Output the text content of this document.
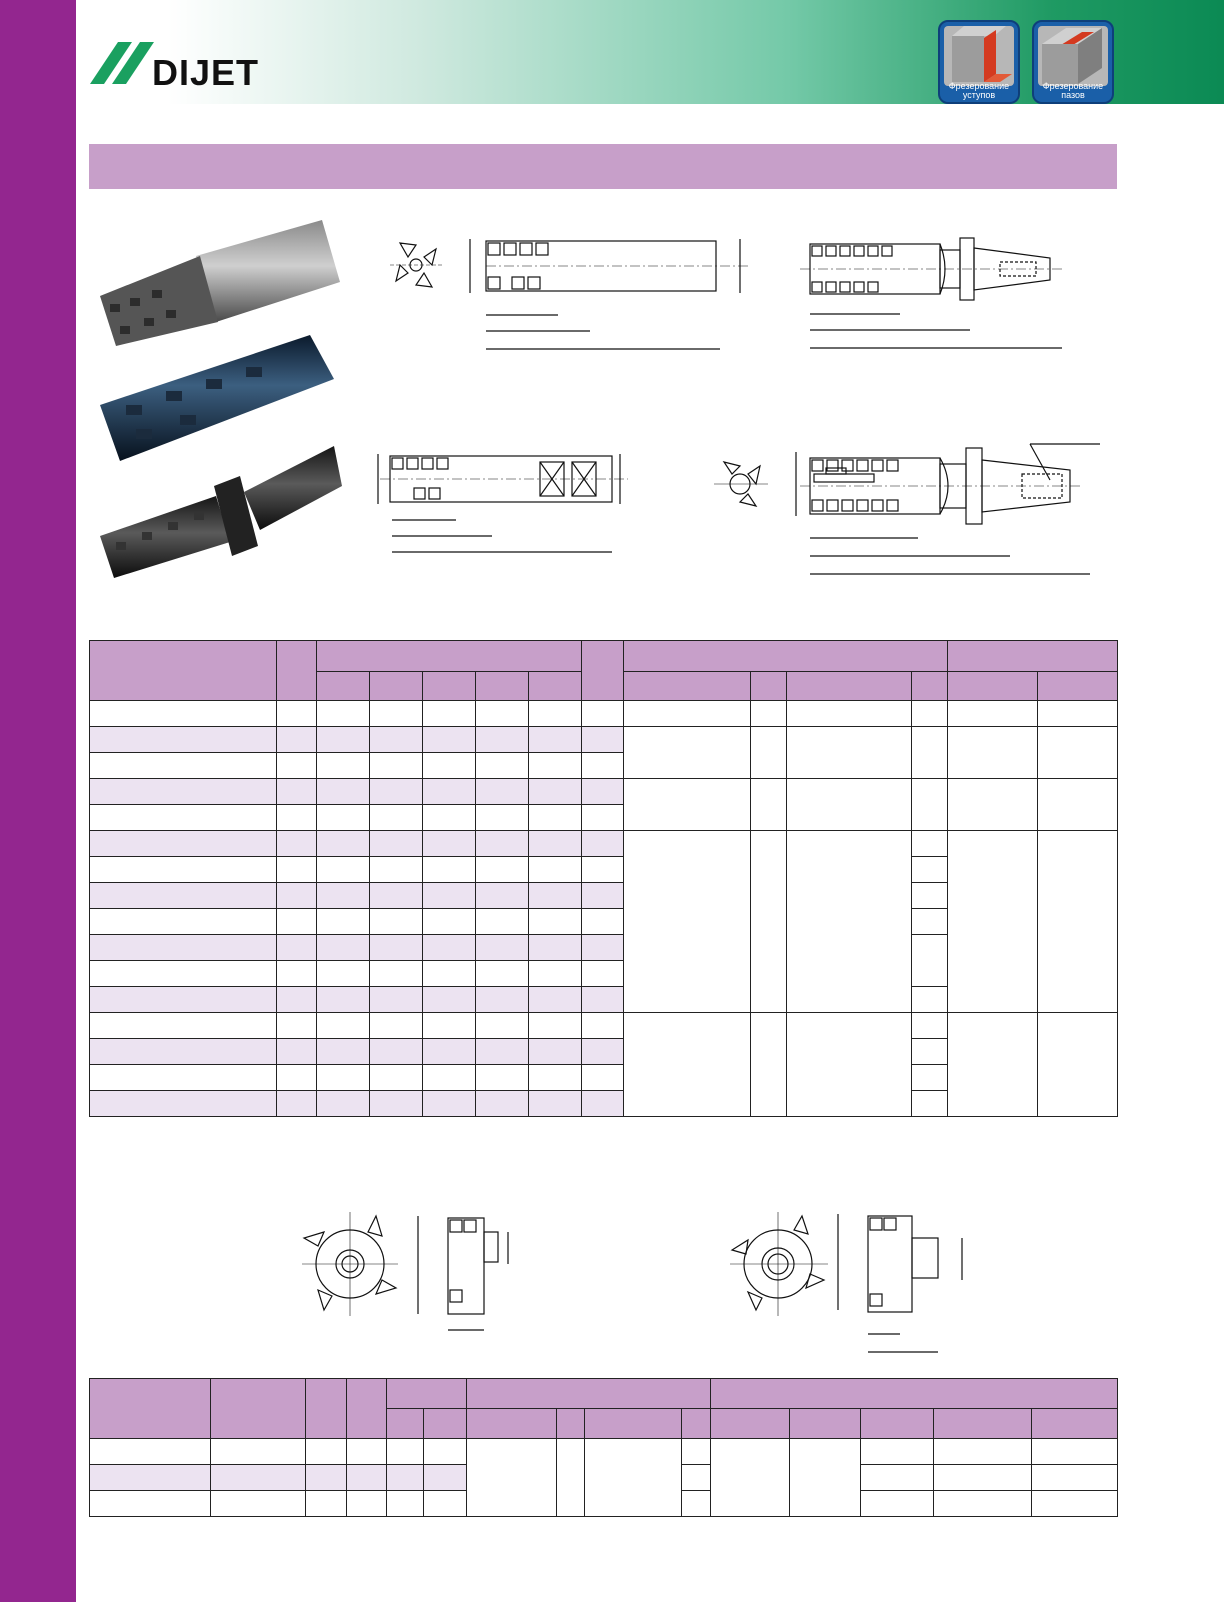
DIJET	Фрезерование
уступов
Фрезерование
пазов
